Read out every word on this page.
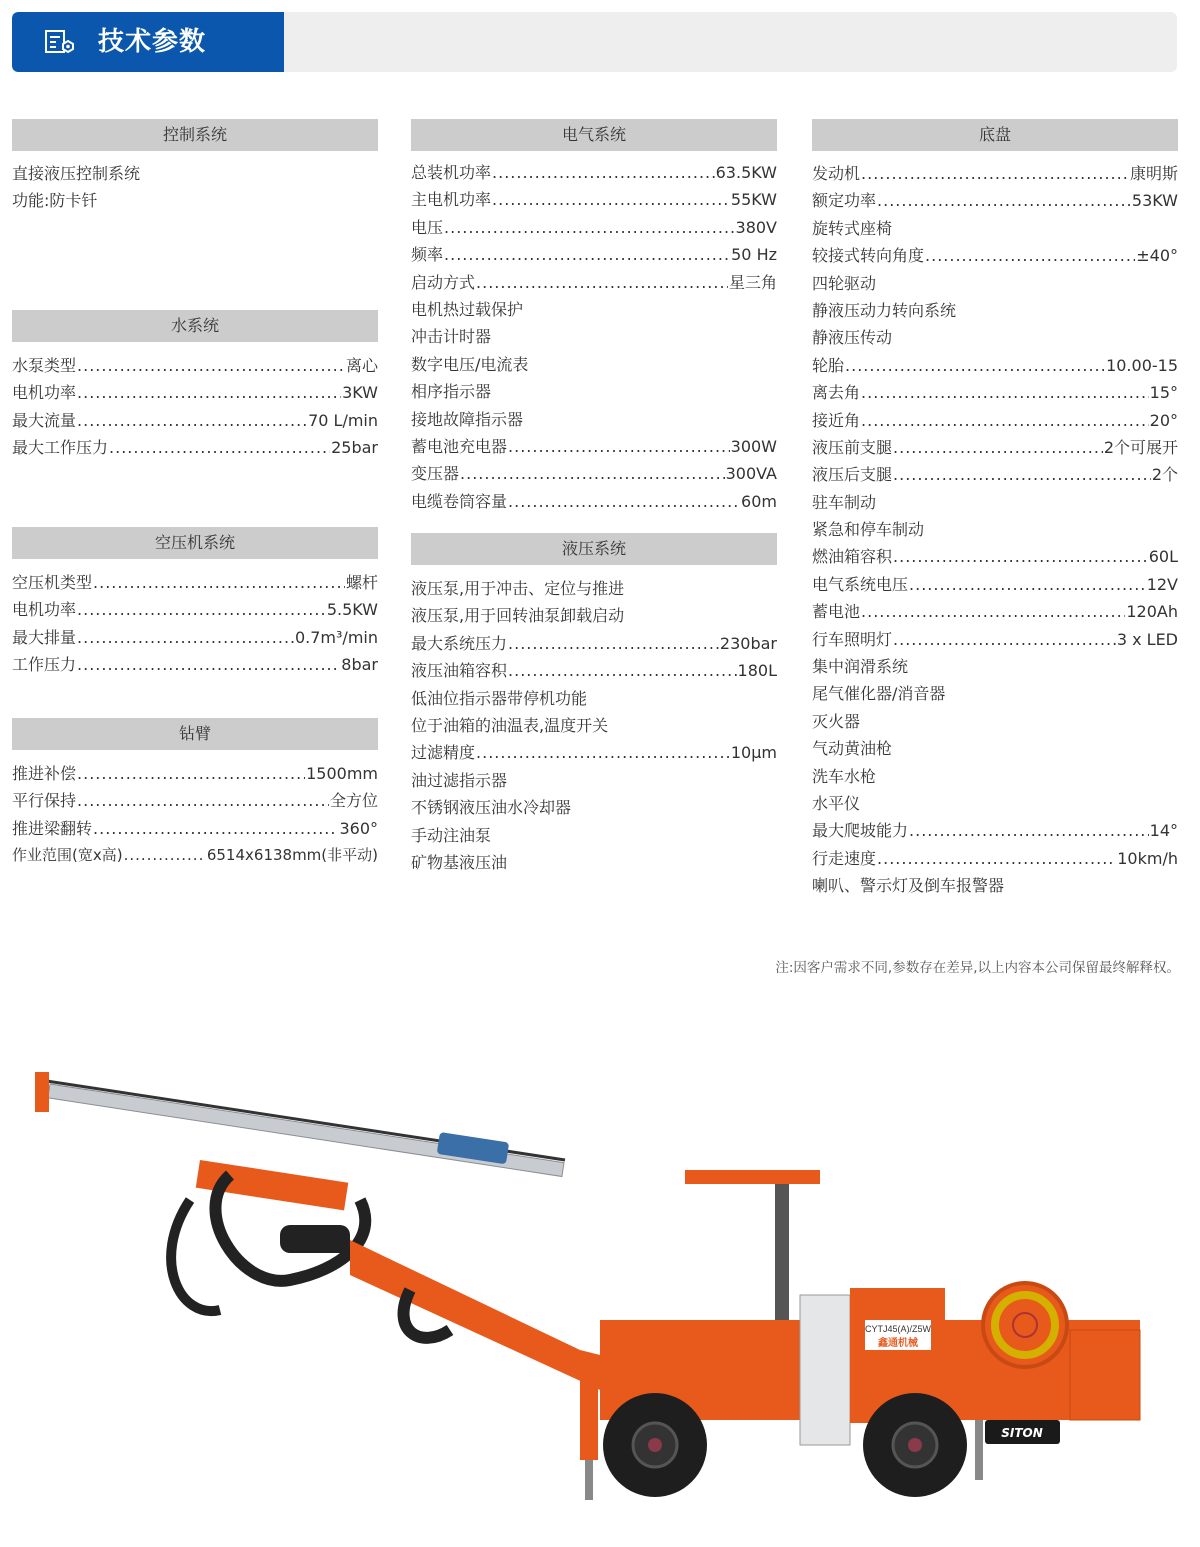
技术参数
控制系统
直接液压控制系统
功能:防卡钎
水系统
水泵类型 .....	离心
电机功率 .....	3KW
最大流量 .....	70 L/min
最大工作压力 .....	25bar
空压机系统
空压机类型 .....	螺杆
电机功率 .....	5.5KW
最大排量 .....	0.7m³/min
工作压力 .....	8bar
钻臂
推进补偿 .....	1500mm
平行保持 .....	全方位
推进梁翻转 .....	360°
作业范围(宽x高) .....	6514x6138mm(非平动)
电气系统
总装机功率 .....	63.5KW
主电机功率 .....	55KW
电压 .....	380V
频率 .....	50 Hz
启动方式 .....	星三角
电机热过载保护
冲击计时器
数字电压/电流表
相序指示器
接地故障指示器
蓄电池充电器 .....	300W
变压器 .....	300VA
电缆卷筒容量 .....	60m
液压系统
液压泵,用于冲击、定位与推进
液压泵,用于回转油泵卸载启动
最大系统压力 .....	230bar
液压油箱容积 .....	180L
低油位指示器带停机功能
位于油箱的油温表,温度开关
过滤精度 .....	10μm
油过滤指示器
不锈钢液压油水冷却器
手动注油泵
矿物基液压油
底盘
发动机 .....	康明斯
额定功率 .....	53KW
旋转式座椅
较接式转向角度 .....	±40°
四轮驱动
静液压动力转向系统
静液压传动
轮胎 .....	10.00-15
离去角 .....	15°
接近角 .....	20°
液压前支腿 .....	2个可展开
液压后支腿 .....	2个
驻车制动
紧急和停车制动
燃油箱容积 .....	60L
电气系统电压 .....	12V
蓄电池 .....	120Ah
行车照明灯 .....	3 x LED
集中润滑系统
尾气催化器/消音器
灭火器
气动黄油枪
洗车水枪
水平仪
最大爬坡能力 .....	14°
行走速度 .....	10km/h
喇叭、警示灯及倒车报警器
注:因客户需求不同,参数存在差异,以上内容本公司保留最终解释权。
CYTJ45(A)/Z5W
鑫通机械
SITON
